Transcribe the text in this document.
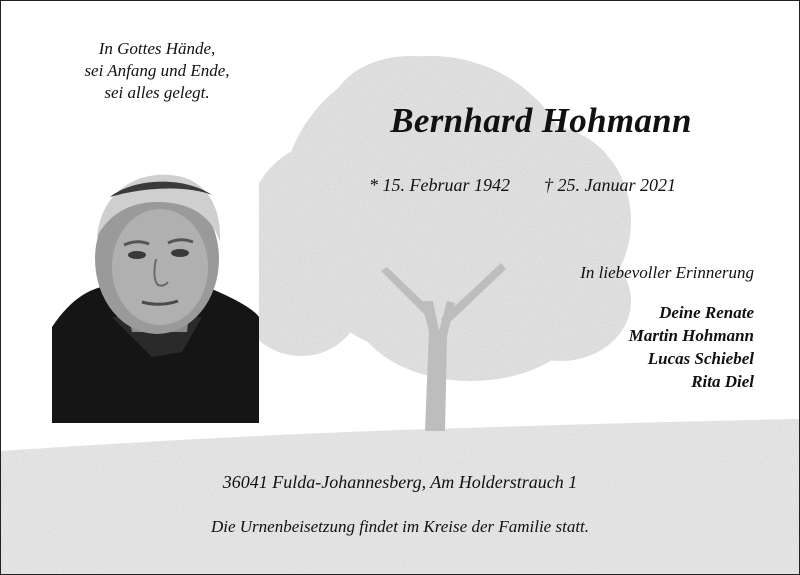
In Gottes Hände,
sei Anfang und Ende,
sei alles gelegt.
Bernhard Hohmann
* 15. Februar 1942 † 25. Januar 2021
In liebevoller Erinnerung
Deine Renate
Martin Hohmann
Lucas Schiebel
Rita Diel
36041 Fulda-Johannesberg, Am Holderstrauch 1
Die Urnenbeisetzung findet im Kreise der Familie statt.
